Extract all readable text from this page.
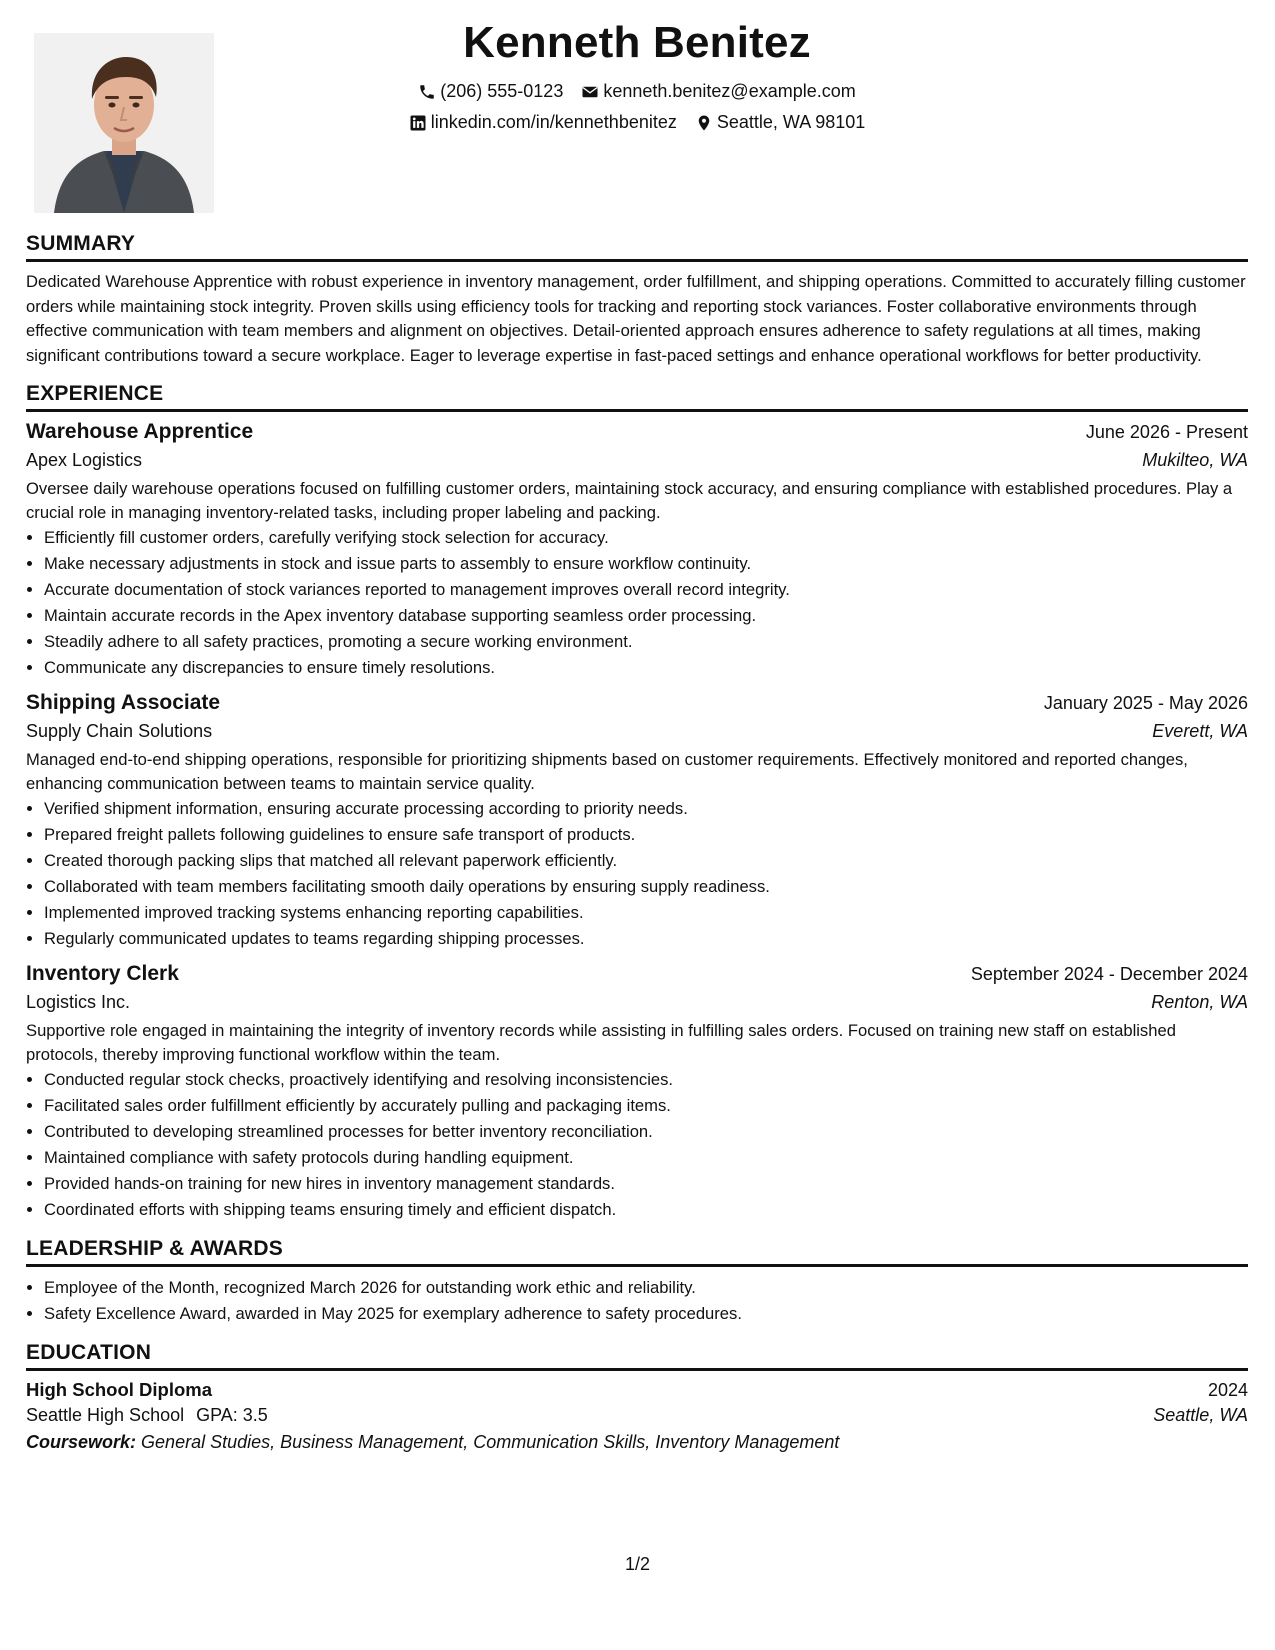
Kenneth Benitez
(206) 555-0123 kenneth.benitez@example.com
linkedin.com/in/kennethbenitez Seattle, WA 98101
SUMMARY

Dedicated Warehouse Apprentice with robust experience in inventory management, order fulfillment, and shipping operations. Committed to accurately filling customer orders while maintaining stock integrity. Proven skills using efficiency tools for tracking and reporting stock variances. Foster collaborative environments through effective communication with team members and alignment on objectives. Detail-oriented approach ensures adherence to safety regulations at all times, making significant contributions toward a secure workplace. Eager to leverage expertise in fast-paced settings and enhance operational workflows for better productivity.

EXPERIENCE
Warehouse Apprentice	June 2026 - Present
Apex Logistics	Mukilteo, WA
Oversee daily warehouse operations focused on fulfilling customer orders, maintaining stock accuracy, and ensuring compliance with established procedures. Play a crucial role in managing inventory-related tasks, including proper labeling and packing.
• Efficiently fill customer orders, carefully verifying stock selection for accuracy.
• Make necessary adjustments in stock and issue parts to assembly to ensure workflow continuity.
• Accurate documentation of stock variances reported to management improves overall record integrity.
• Maintain accurate records in the Apex inventory database supporting seamless order processing.
• Steadily adhere to all safety practices, promoting a secure working environment.
• Communicate any discrepancies to ensure timely resolutions.
Shipping Associate	January 2025 - May 2026
Supply Chain Solutions	Everett, WA
Managed end-to-end shipping operations, responsible for prioritizing shipments based on customer requirements. Effectively monitored and reported changes, enhancing communication between teams to maintain service quality.
• Verified shipment information, ensuring accurate processing according to priority needs.
• Prepared freight pallets following guidelines to ensure safe transport of products.
• Created thorough packing slips that matched all relevant paperwork efficiently.
• Collaborated with team members facilitating smooth daily operations by ensuring supply readiness.
• Implemented improved tracking systems enhancing reporting capabilities.
• Regularly communicated updates to teams regarding shipping processes.
Inventory Clerk	September 2024 - December 2024
Logistics Inc.	Renton, WA
Supportive role engaged in maintaining the integrity of inventory records while assisting in fulfilling sales orders. Focused on training new staff on established protocols, thereby improving functional workflow within the team.
• Conducted regular stock checks, proactively identifying and resolving inconsistencies.
• Facilitated sales order fulfillment efficiently by accurately pulling and packaging items.
• Contributed to developing streamlined processes for better inventory reconciliation.
• Maintained compliance with safety protocols during handling equipment.
• Provided hands-on training for new hires in inventory management standards.
• Coordinated efforts with shipping teams ensuring timely and efficient dispatch.
LEADERSHIP & AWARDS
• Employee of the Month, recognized March 2026 for outstanding work ethic and reliability.
• Safety Excellence Award, awarded in May 2025 for exemplary adherence to safety procedures.
EDUCATION
High School Diploma	2024
Seattle High School GPA: 3.5	Seattle, WA
Coursework: General Studies, Business Management, Communication Skills, Inventory Management
1/2
